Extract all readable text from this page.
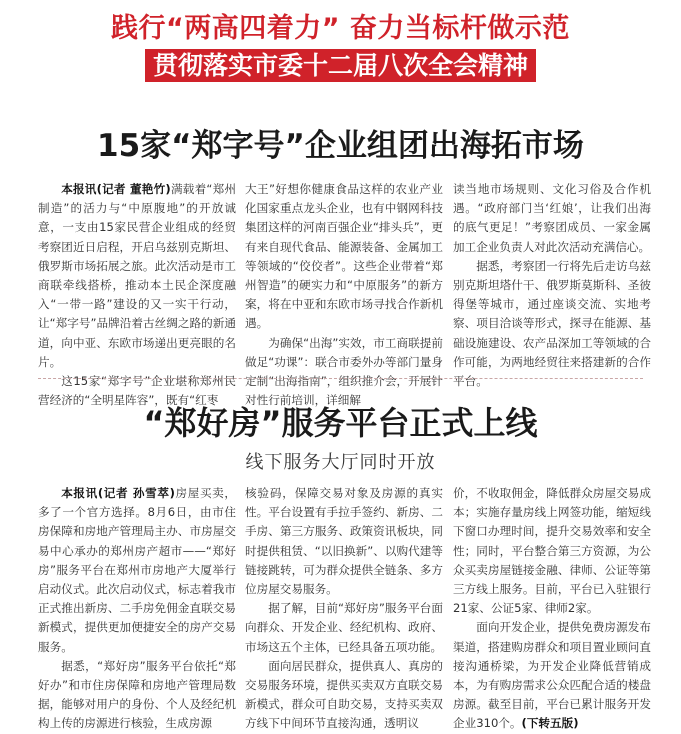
践行“两高四着力” 奋力当标杆做示范
贯彻落实市委十二届八次全会精神
15家“郑字号”企业组团出海拓市场

本报讯(记者 董艳竹)满载着“郑州制造”的活力与“中原腹地”的开放诚意，一支由15家民营企业组成的经贸考察团近日启程，开启乌兹别克斯坦、俄罗斯市场拓展之旅。此次活动是市工商联牵线搭桥，推动本土民企深度融入“一带一路”建设的又一实干行动，让“郑字号”品牌沿着古丝绸之路的新通道，向中亚、东欧市场递出更亮眼的名片。

这15家“郑字号”企业堪称郑州民营经济的“全明星阵容”，既有“红枣

大王”好想你健康食品这样的农业产业化国家重点龙头企业，也有中钢网科技集团这样的河南百强企业“排头兵”，更有来自现代食品、能源装备、金属加工等领域的“佼佼者”。这些企业带着“郑州智造”的硬实力和“中原服务”的新方案，将在中亚和东欧市场寻找合作新机遇。

为确保“出海”实效，市工商联提前做足“功课”：联合市委外办等部门量身定制“出海指南”，组织推介会，开展针对性行前培训，详细解

读当地市场规则、文化习俗及合作机遇。“政府部门当‘红娘’，让我们出海的底气更足！”考察团成员、一家金属加工企业负责人对此次活动充满信心。

据悉，考察团一行将先后走访乌兹别克斯坦塔什干、俄罗斯莫斯科、圣彼得堡等城市，通过座谈交流、实地考察、项目洽谈等形式，探寻在能源、基础设施建设、农产品深加工等领域的合作可能，为两地经贸往来搭建新的合作平台。

“郑好房”服务平台正式上线
线下服务大厅同时开放

本报讯(记者 孙雪萃)房屋买卖，多了一个官方选择。8月6日，由市住房保障和房地产管理局主办、市房屋交易中心承办的郑州房产超市——“郑好房”服务平台在郑州市房地产大厦举行启动仪式。此次启动仪式，标志着我市正式推出新房、二手房免佣金直联交易新模式，提供更加便捷安全的房产交易服务。

据悉，“郑好房”服务平台依托“郑好办”和市住房保障和房地产管理局数据，能够对用户的身份、个人及经纪机构上传的房源进行核验，生成房源

核验码，保障交易对象及房源的真实性。平台设置有手拉手签约、新房、二手房、第三方服务、政策资讯板块，同时提供租赁、“以旧换新”、以购代建等链接跳转，可为群众提供全链条、多方位房屋交易服务。

据了解，目前“郑好房”服务平台面向群众、开发企业、经纪机构、政府、市场这五个主体，已经具备五项功能。

面向居民群众，提供真人、真房的交易服务环境，提供买卖双方直联交易新模式，群众可自助交易，支持买卖双方线下中间环节直接沟通，透明议

价，不收取佣金，降低群众房屋交易成本；实施存量房线上网签功能，缩短线下窗口办理时间，提升交易效率和安全性；同时，平台整合第三方资源，为公众买卖房屋链接金融、律师、公证等第三方线上服务。目前，平台已入驻银行21家、公证5家、律师2家。

面向开发企业，提供免费房源发布渠道，搭建购房群众和项目置业顾问直接沟通桥梁，为开发企业降低营销成本，为有购房需求公众匹配合适的楼盘房源。截至目前，平台已累计服务开发企业310个。(下转五版)
